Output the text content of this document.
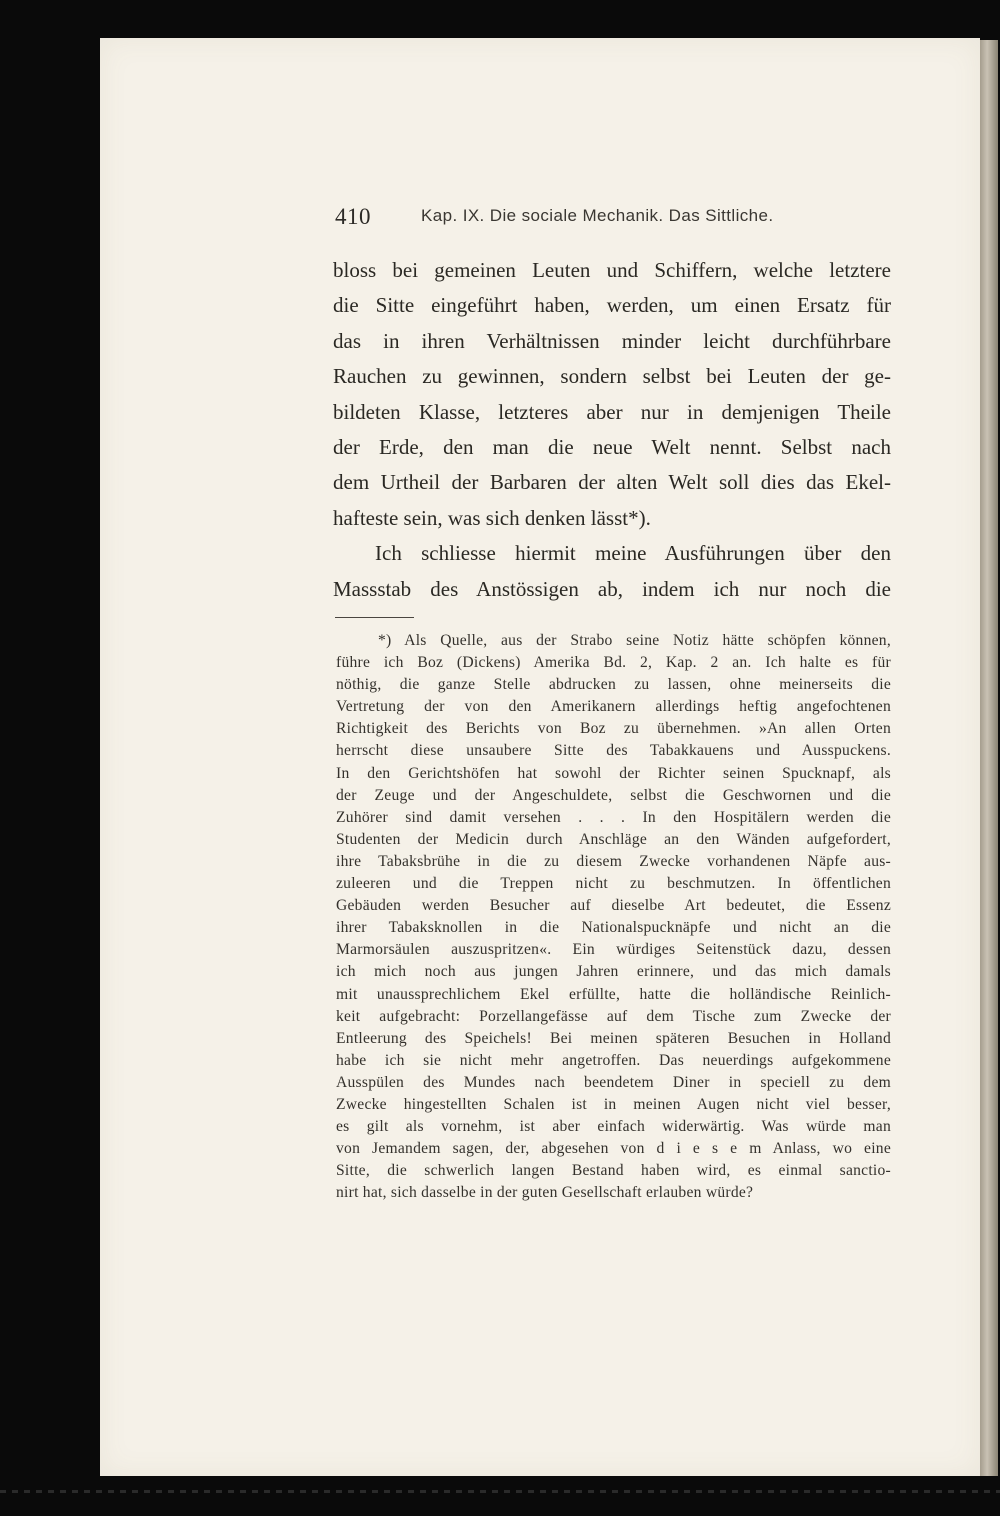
410	Kap. IX. Die sociale Mechanik. Das Sittliche.
bloss bei gemeinen Leuten und Schiffern, welche letztere
die Sitte eingeführt haben, werden, um einen Ersatz für
das in ihren Verhältnissen minder leicht durchführbare
Rauchen zu gewinnen, sondern selbst bei Leuten der ge-
bildeten Klasse, letzteres aber nur in demjenigen Theile
der Erde, den man die neue Welt nennt. Selbst nach
dem Urtheil der Barbaren der alten Welt soll dies das Ekel-
hafteste sein, was sich denken lässt*).
Ich schliesse hiermit meine Ausführungen über den
Massstab des Anstössigen ab, indem ich nur noch die
*) Als Quelle, aus der Strabo seine Notiz hätte schöpfen können,
führe ich Boz (Dickens) Amerika Bd. 2, Kap. 2 an. Ich halte es für
nöthig, die ganze Stelle abdrucken zu lassen, ohne meinerseits die
Vertretung der von den Amerikanern allerdings heftig angefochtenen
Richtigkeit des Berichts von Boz zu übernehmen. »An allen Orten
herrscht diese unsaubere Sitte des Tabakkauens und Ausspuckens.
In den Gerichtshöfen hat sowohl der Richter seinen Spucknapf, als
der Zeuge und der Angeschuldete, selbst die Geschwornen und die
Zuhörer sind damit versehen . . . In den Hospitälern werden die
Studenten der Medicin durch Anschläge an den Wänden aufgefordert,
ihre Tabaksbrühe in die zu diesem Zwecke vorhandenen Näpfe aus-
zuleeren und die Treppen nicht zu beschmutzen. In öffentlichen
Gebäuden werden Besucher auf dieselbe Art bedeutet, die Essenz
ihrer Tabaksknollen in die Nationalspucknäpfe und nicht an die
Marmorsäulen auszuspritzen«. Ein würdiges Seitenstück dazu, dessen
ich mich noch aus jungen Jahren erinnere, und das mich damals
mit unaussprechlichem Ekel erfüllte, hatte die holländische Reinlich-
keit aufgebracht: Porzellangefässe auf dem Tische zum Zwecke der
Entleerung des Speichels! Bei meinen späteren Besuchen in Holland
habe ich sie nicht mehr angetroffen. Das neuerdings aufgekommene
Ausspülen des Mundes nach beendetem Diner in speciell zu dem
Zwecke hingestellten Schalen ist in meinen Augen nicht viel besser,
es gilt als vornehm, ist aber einfach widerwärtig. Was würde man
von Jemandem sagen, der, abgesehen von d i e s e m Anlass, wo eine
Sitte, die schwerlich langen Bestand haben wird, es einmal sanctio-
nirt hat, sich dasselbe in der guten Gesellschaft erlauben würde?
